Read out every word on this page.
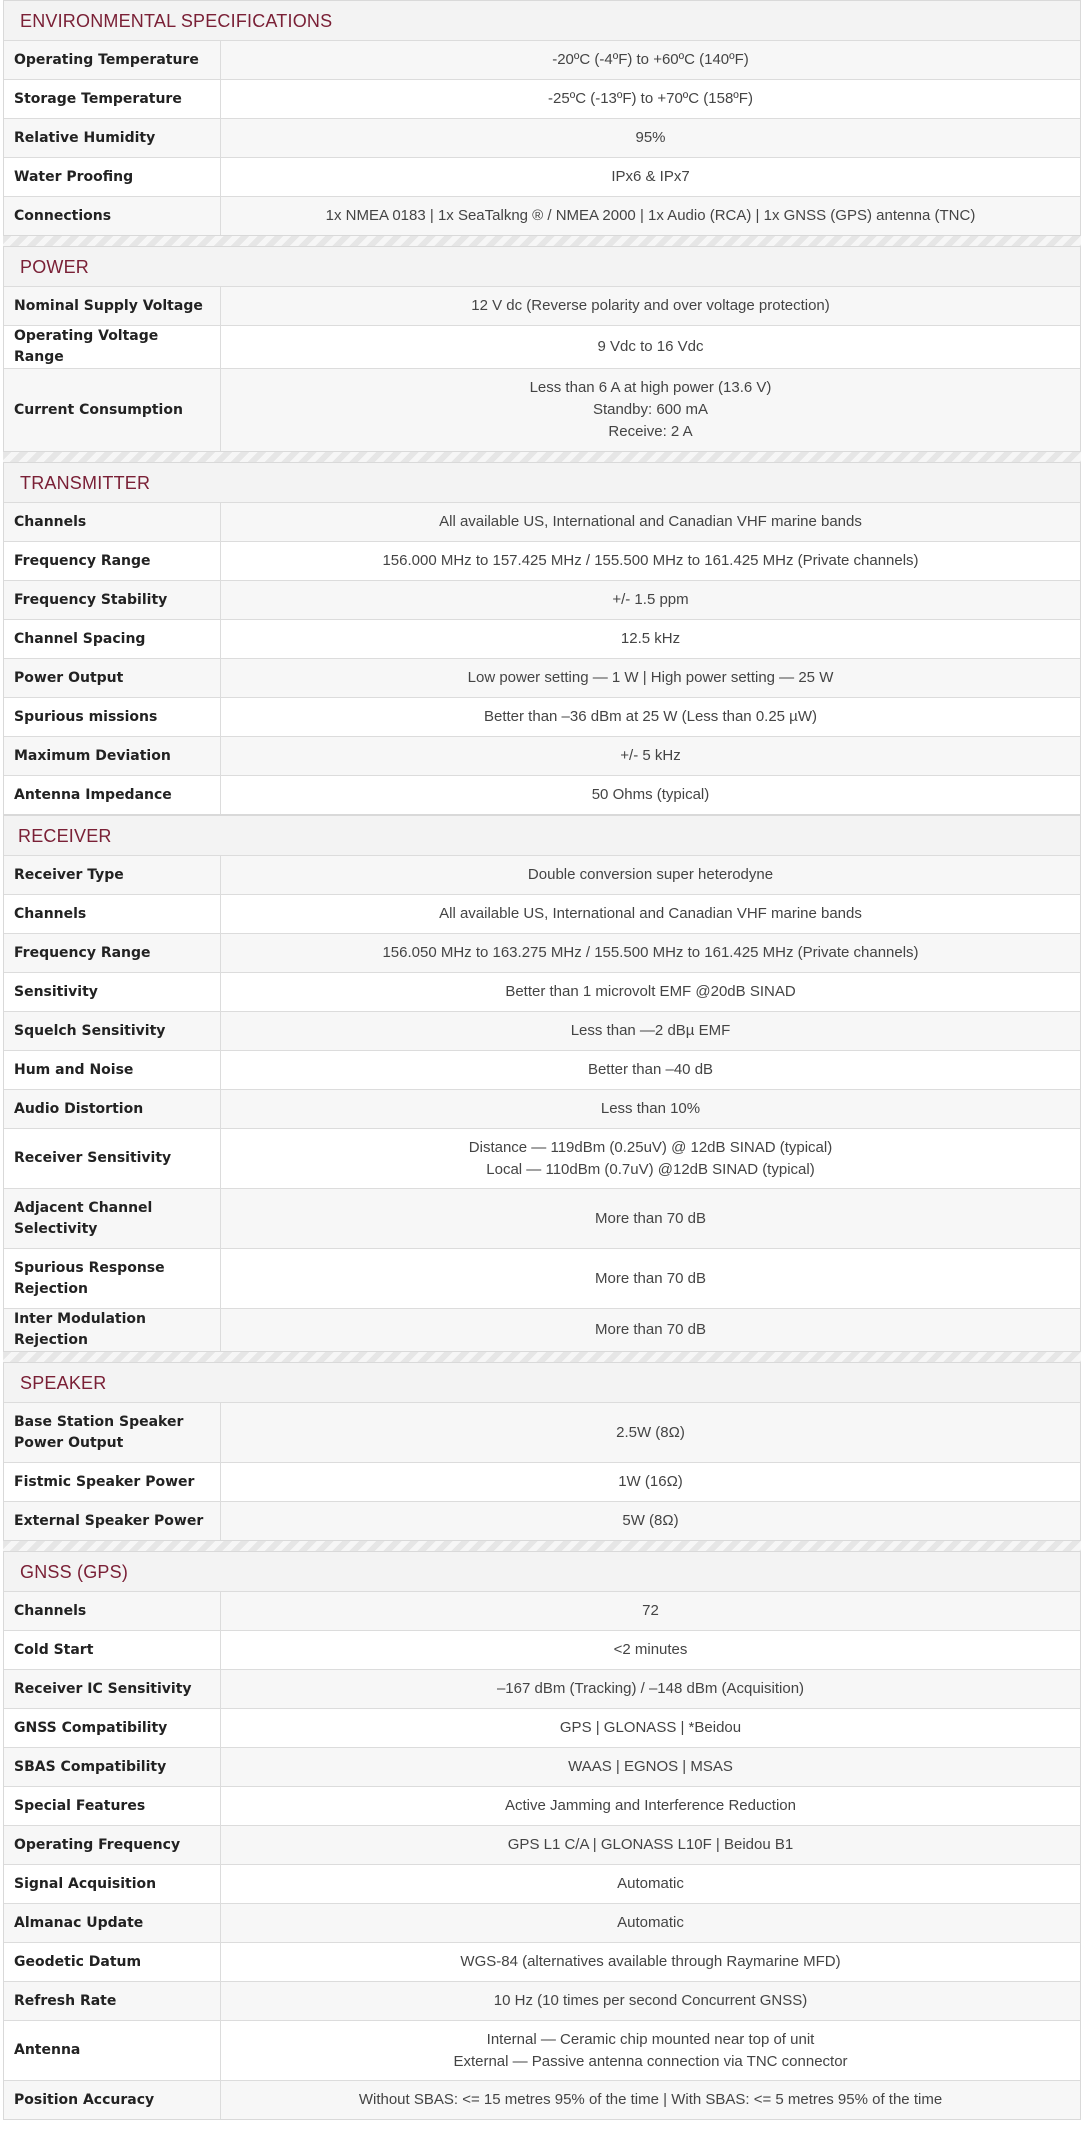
ENVIRONMENTAL SPECIFICATIONS
Operating Temperature	-20ºC (-4ºF) to +60ºC (140ºF)

Storage Temperature	-25ºC (-13ºF) to +70ºC (158ºF)

Relative Humidity	95%

Water Proofing	IPx6 & IPx7

Connections	1x NMEA 0183 | 1x SeaTalkng ® / NMEA 2000 | 1x Audio (RCA) | 1x GNSS (GPS) antenna (TNC)
POWER
Nominal Supply Voltage	12 V dc (Reverse polarity and over voltage protection)

Operating Voltage Range	9 Vdc to 16 Vdc

Current Consumption	Less than 6 A at high power (13.6 V)
Standby: 600 mA
Receive: 2 A
TRANSMITTER
Channels	All available US, International and Canadian VHF marine bands

Frequency Range	156.000 MHz to 157.425 MHz / 155.500 MHz to 161.425 MHz (Private channels)

Frequency Stability	+/- 1.5 ppm

Channel Spacing	12.5 kHz

Power Output	Low power setting — 1 W | High power setting — 25 W

Spurious missions	Better than –36 dBm at 25 W (Less than 0.25 µW)

Maximum Deviation	+/- 5 kHz

Antenna Impedance	50 Ohms (typical)
RECEIVER
Receiver Type	Double conversion super heterodyne

Channels	All available US, International and Canadian VHF marine bands

Frequency Range	156.050 MHz to 163.275 MHz / 155.500 MHz to 161.425 MHz (Private channels)

Sensitivity	Better than 1 microvolt EMF @20dB SINAD

Squelch Sensitivity	Less than —2 dBµ EMF

Hum and Noise	Better than –40 dB

Audio Distortion	Less than 10%

Receiver Sensitivity	Distance — 119dBm (0.25uV) @ 12dB SINAD (typical)
Local — 110dBm (0.7uV) @12dB SINAD (typical)

Adjacent Channel Selectivity	More than 70 dB

Spurious Response Rejection	More than 70 dB

Inter Modulation Rejection	More than 70 dB
SPEAKER
Base Station Speaker Power Output	2.5W (8Ω)

Fistmic Speaker Power	1W (16Ω)

External Speaker Power	5W (8Ω)
GNSS (GPS)
Channels	72

Cold Start	<2 minutes

Receiver IC Sensitivity	–167 dBm (Tracking) / –148 dBm (Acquisition)

GNSS Compatibility	GPS | GLONASS | *Beidou

SBAS Compatibility	WAAS | EGNOS | MSAS

Special Features	Active Jamming and Interference Reduction

Operating Frequency	GPS L1 C/A | GLONASS L10F | Beidou B1

Signal Acquisition	Automatic

Almanac Update	Automatic

Geodetic Datum	WGS-84 (alternatives available through Raymarine MFD)

Refresh Rate	10 Hz (10 times per second Concurrent GNSS)

Antenna	Internal — Ceramic chip mounted near top of unit
External — Passive antenna connection via TNC connector

Position Accuracy	Without SBAS: <= 15 metres 95% of the time | With SBAS: <= 5 metres 95% of the time
